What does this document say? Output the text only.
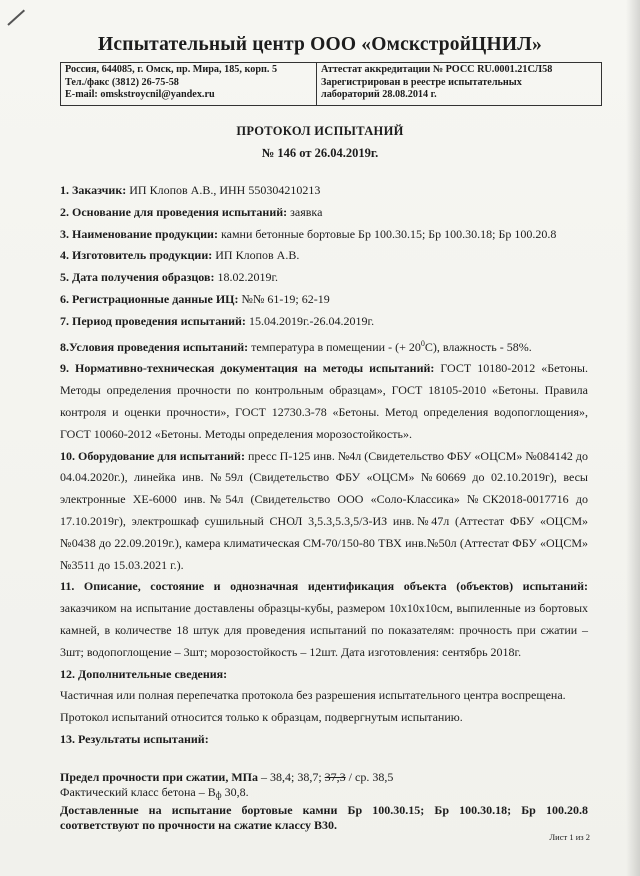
Испытательный центр ООО «ОмскстройЦНИЛ»
Россия, 644085, г. Омск, пр. Мира, 185, корп. 5
Тел./факс (3812) 26-75-58
E-mail: omskstroycnil@yandex.ru
Аттестат аккредитации № РОСС RU.0001.21СЛ58
Зарегистрирован в реестре испытательных
лабораторий 28.08.2014 г.
ПРОТОКОЛ ИСПЫТАНИЙ
№ 146 от 26.04.2019г.

1. Заказчик: ИП Клопов А.В., ИНН 550304210213

2. Основание для проведения испытаний: заявка

3. Наименование продукции: камни бетонные бортовые Бр 100.30.15; Бр 100.30.18; Бр 100.20.8

4. Изготовитель продукции: ИП Клопов А.В.

5. Дата получения образцов: 18.02.2019г.

6. Регистрационные данные ИЦ: №№ 61-19; 62-19

7. Период проведения испытаний: 15.04.2019г.-26.04.2019г.

8.Условия проведения испытаний: температура в помещении - (+ $20^0С$), влажность - 58%.

9. Нормативно-техническая документация на методы испытаний: ГОСТ 10180-2012 «Бетоны. Методы определения прочности по контрольным образцам», ГОСТ 18105-2010 «Бетоны. Правила контроля и оценки прочности», ГОСТ 12730.3-78 «Бетоны. Метод определения водопоглощения», ГОСТ 10060-2012 «Бетоны. Методы определения морозостойкость».

10. Оборудование для испытаний: пресс П-125 инв. №4л (Свидетельство ФБУ «ОЦСМ» №084142 до 04.04.2020г.), линейка инв. №59л (Свидетельство ФБУ «ОЦСМ» №60669 до 02.10.2019г), весы электронные ХЕ-6000 инв.№54л (Свидетельство ООО «Соло-Классика» №СК2018-0017716 до 17.10.2019г), электрошкаф сушильный СНОЛ 3,5.3,5.3,5/3-ИЗ инв.№47л (Аттестат ФБУ «ОЦСМ» №0438 до 22.09.2019г.), камера климатическая СМ-70/150-80 ТВХ инв.№50л (Аттестат ФБУ «ОЦСМ» №3511 до 15.03.2021 г.).

11. Описание, состояние и однозначная идентификация объекта (объектов) испытаний: заказчиком на испытание доставлены образцы-кубы, размером 10х10х10см, выпиленные из бортовых камней, в количестве 18 штук для проведения испытаний по показателям: прочность при сжатии – 3шт; водопоглощение – 3шт; морозостойкость – 12шт. Дата изготовления: сентябрь 2018г.

12. Дополнительные сведения:

Частичная или полная перепечатка протокола без разрешения испытательного центра воспрещена.

Протокол испытаний относится только к образцам, подвергнутым испытанию.

13. Результаты испытаний:

Предел прочности при сжатии, МПа – 38,4; 38,7; 37,3 / ср. 38,5
Фактический класс бетона – $В_ф$ 30,8.
Доставленные на испытание бортовые камни Бр 100.30.15; Бр 100.30.18; Бр 100.20.8 соответствуют по прочности на сжатие классу В30.
Лист 1 из 2
